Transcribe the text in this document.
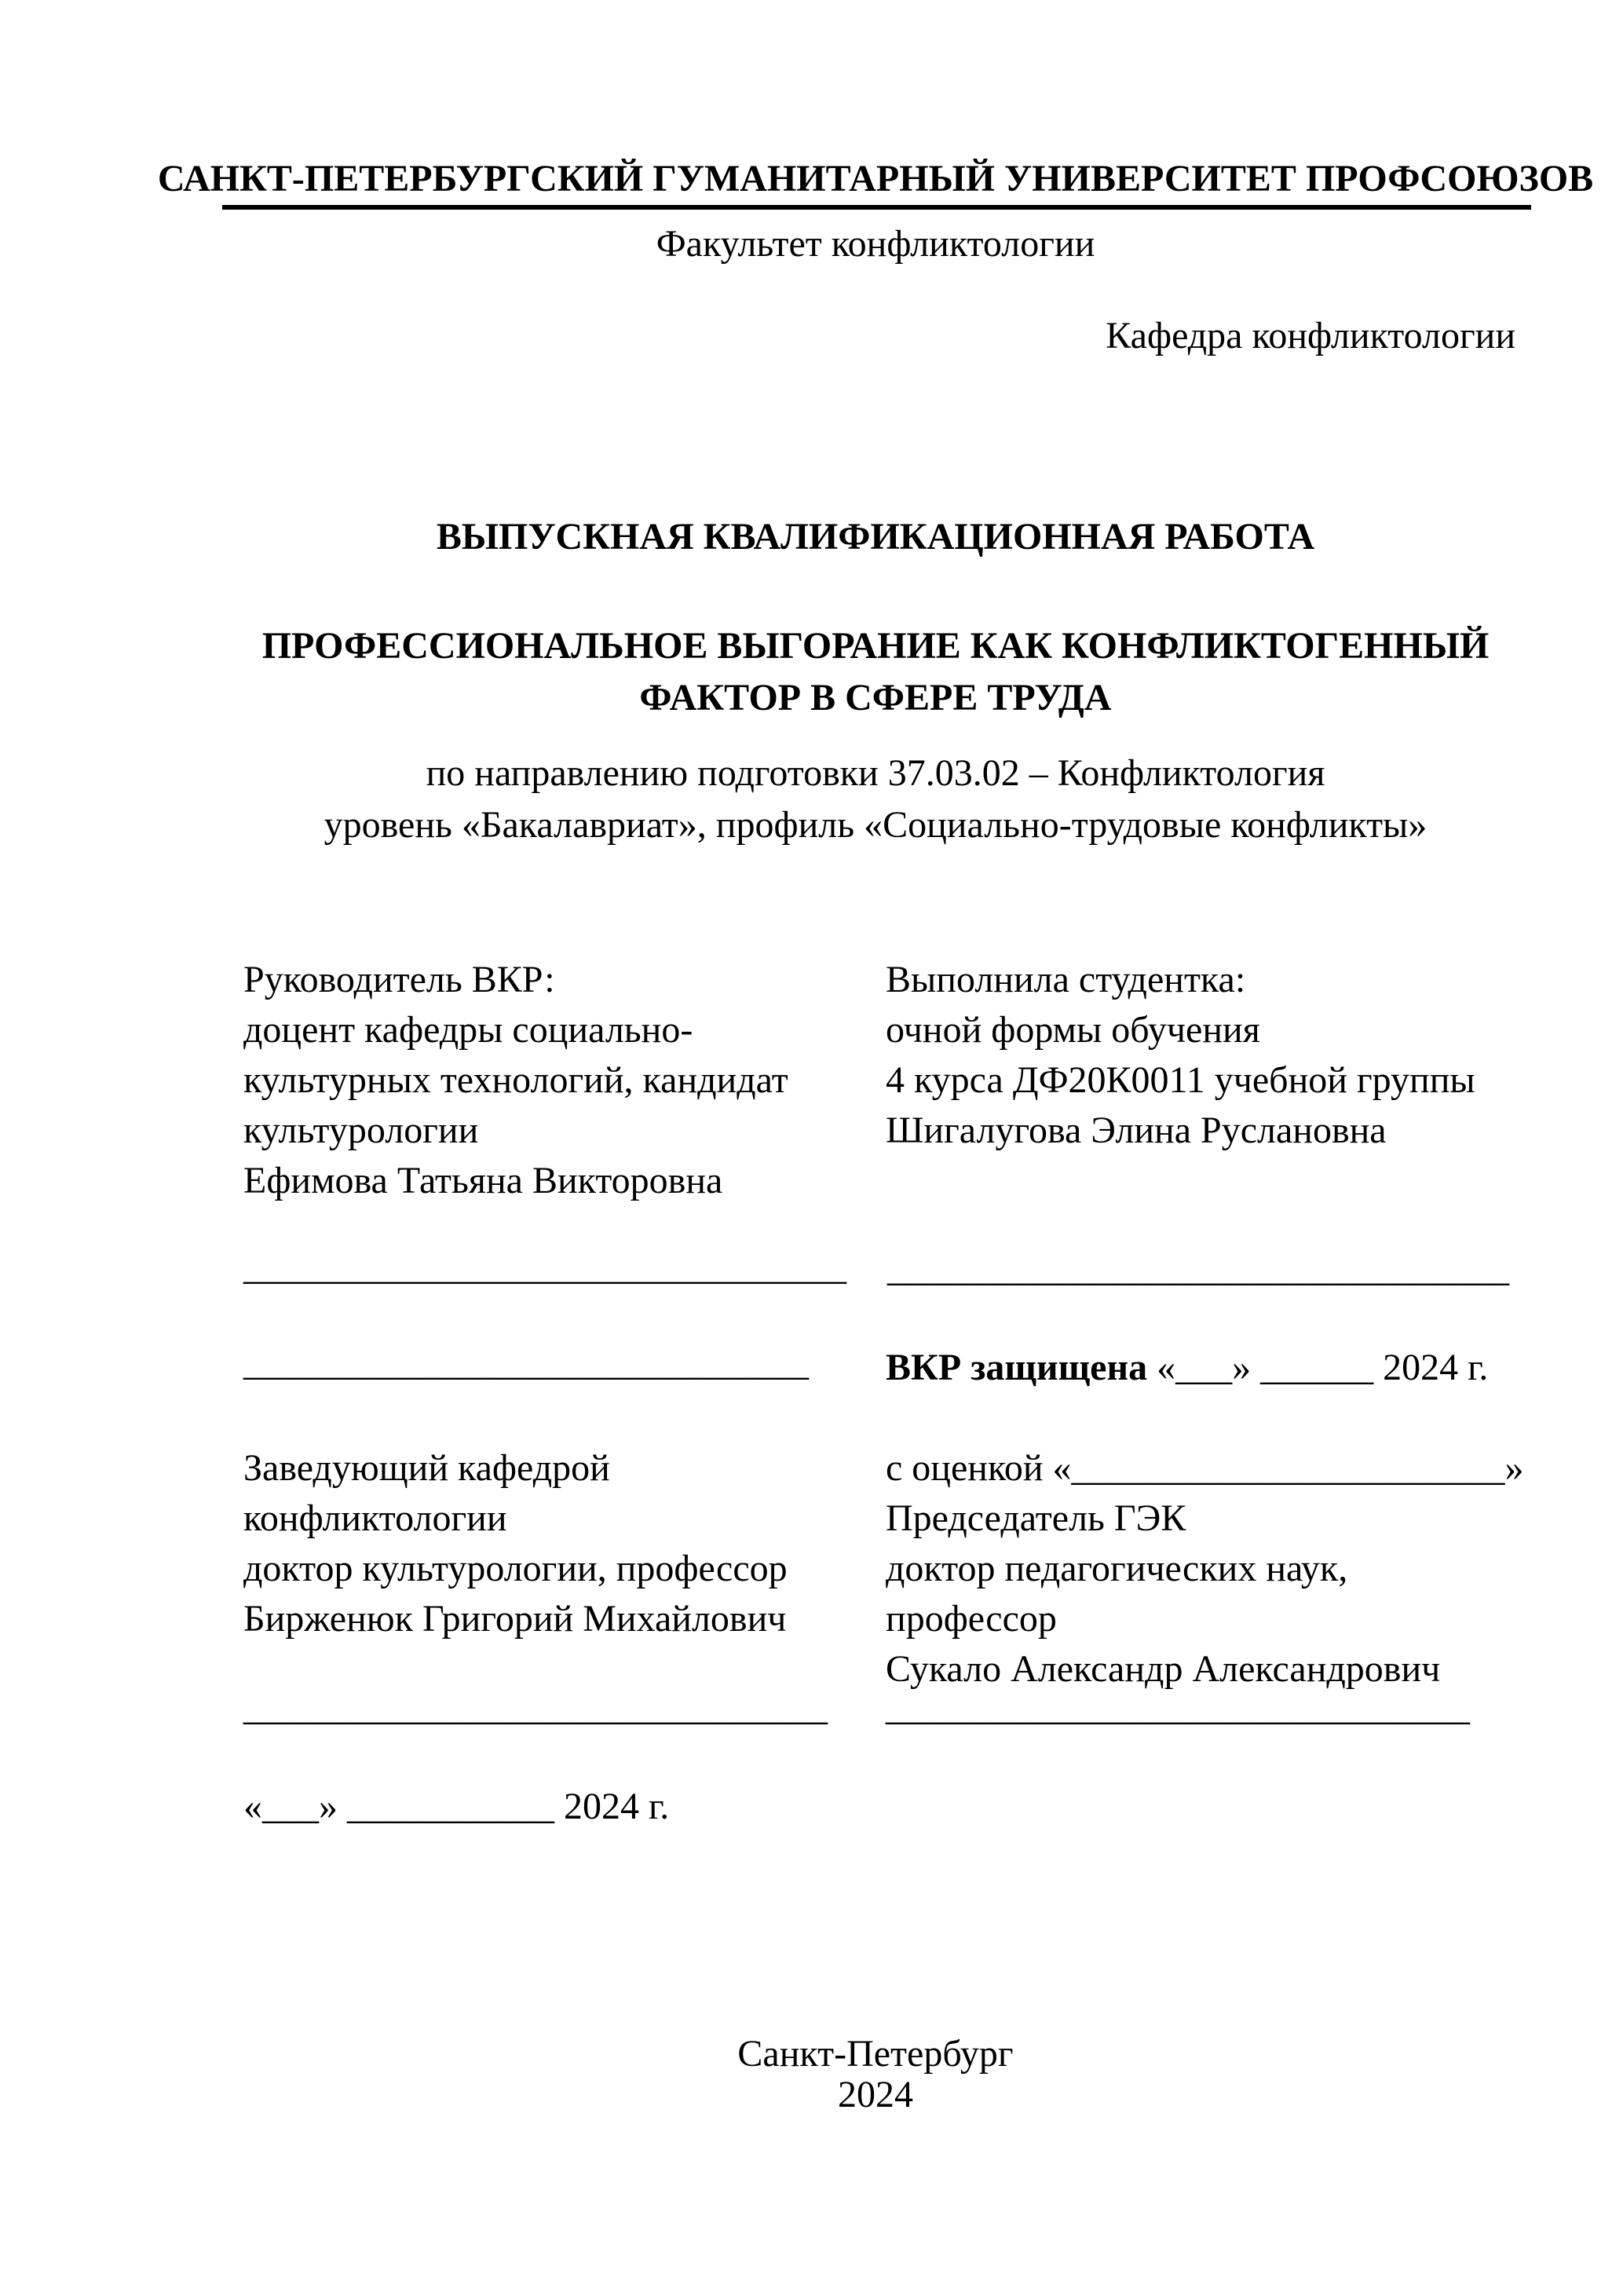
САНКТ-ПЕТЕРБУРГСКИЙ ГУМАНИТАРНЫЙ УНИВЕРСИТЕТ ПРОФСОЮЗОВ
Факультет конфликтологии
Кафедра конфликтологии
ВЫПУСКНАЯ КВАЛИФИКАЦИОННАЯ РАБОТА
ПРОФЕССИОНАЛЬНОЕ ВЫГОРАНИЕ КАК КОНФЛИКТОГЕННЫЙ
ФАКТОР В СФЕРЕ ТРУДА
по направлению подготовки 37.03.02 – Конфликтология
уровень «Бакалавриат», профиль «Социально-трудовые конфликты»
Руководитель ВКР:
доцент кафедры социально-
культурных технологий, кандидат
культурологии
Ефимова Татьяна Викторовна
Выполнила студентка:
очной формы обучения
4 курса ДФ20К0011 учебной группы
Шигалугова Элина Руслановна
________________________________ _________________________________
______________________________ ВКР защищена «___» ______ 2024 г.
Заведующий кафедрой
конфликтологии
доктор культурологии, профессор
Бирженюк Григорий Михайлович
с оценкой «_______________________»
Председатель ГЭК
доктор педагогических наук,
профессор
Сукало Александр Александрович
_______________________________ _______________________________
«___» ___________ 2024 г.
Санкт-Петербург
2024
